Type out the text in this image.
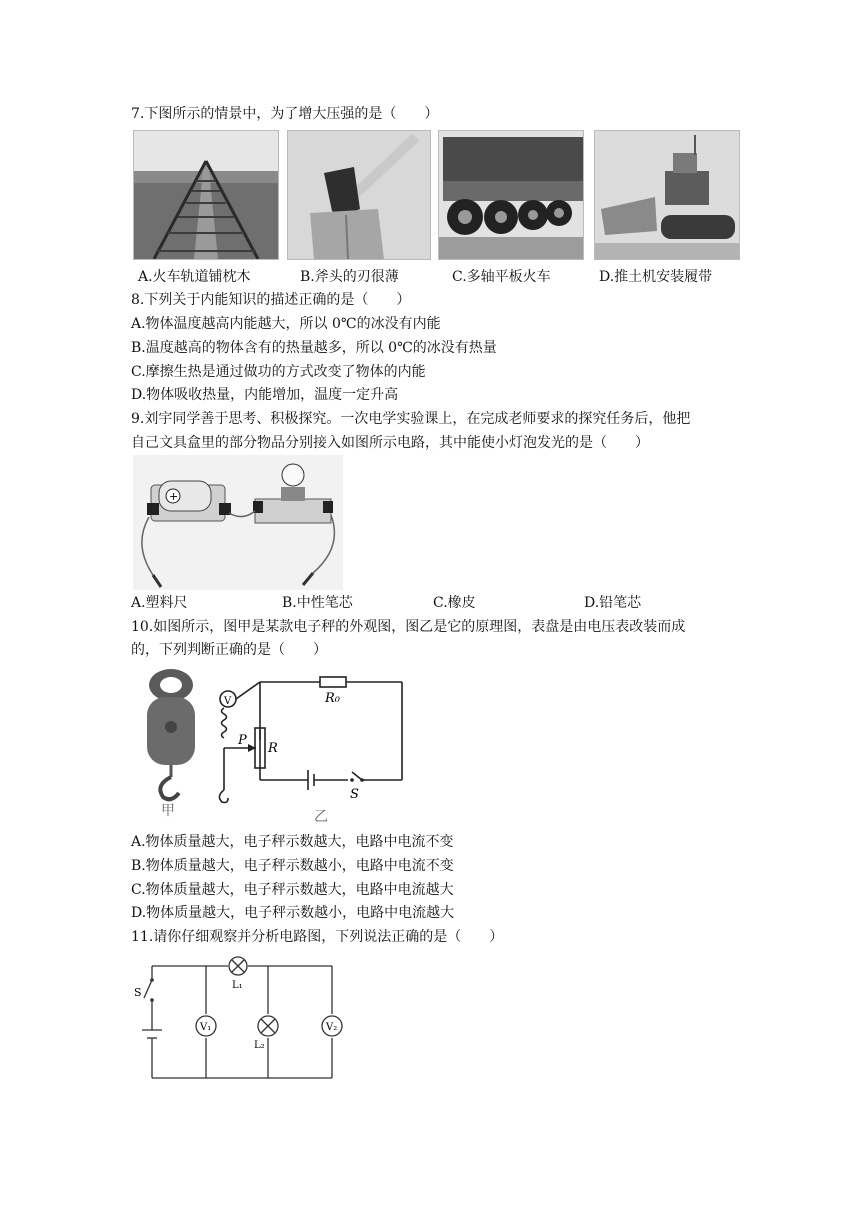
7.下图所示的情景中，为了增大压强的是（　　）
A.火车轨道铺枕木	B.斧头的刃很薄	C.多轴平板火车	D.推土机安装履带
8.下列关于内能知识的描述正确的是（　　）
A.物体温度越高内能越大，所以 0℃的冰没有内能
B.温度越高的物体含有的热量越多，所以 0℃的冰没有热量
C.摩擦生热是通过做功的方式改变了物体的内能
D.物体吸收热量，内能增加，温度一定升高
9.刘宇同学善于思考、积极探究。一次电学实验课上，在完成老师要求的探究任务后，他把
自己文具盒里的部分物品分别接入如图所示电路，其中能使小灯泡发光的是（　　）
+
A.塑料尺	B.中性笔芯	C.橡皮	D.铅笔芯
10.如图所示，图甲是某款电子秤的外观图，图乙是它的原理图，表盘是由电压表改装而成
的，下列判断正确的是（　　）
甲
V	R₀
R
P
S
乙
A.物体质量越大，电子秤示数越大，电路中电流不变
B.物体质量越大，电子秤示数越小，电路中电流不变
C.物体质量越大，电子秤示数越大，电路中电流越大
D.物体质量越大，电子秤示数越小，电路中电流越大
11.请你仔细观察并分析电路图，下列说法正确的是（　　）
S
L₁
L₂
V₁	V₂
